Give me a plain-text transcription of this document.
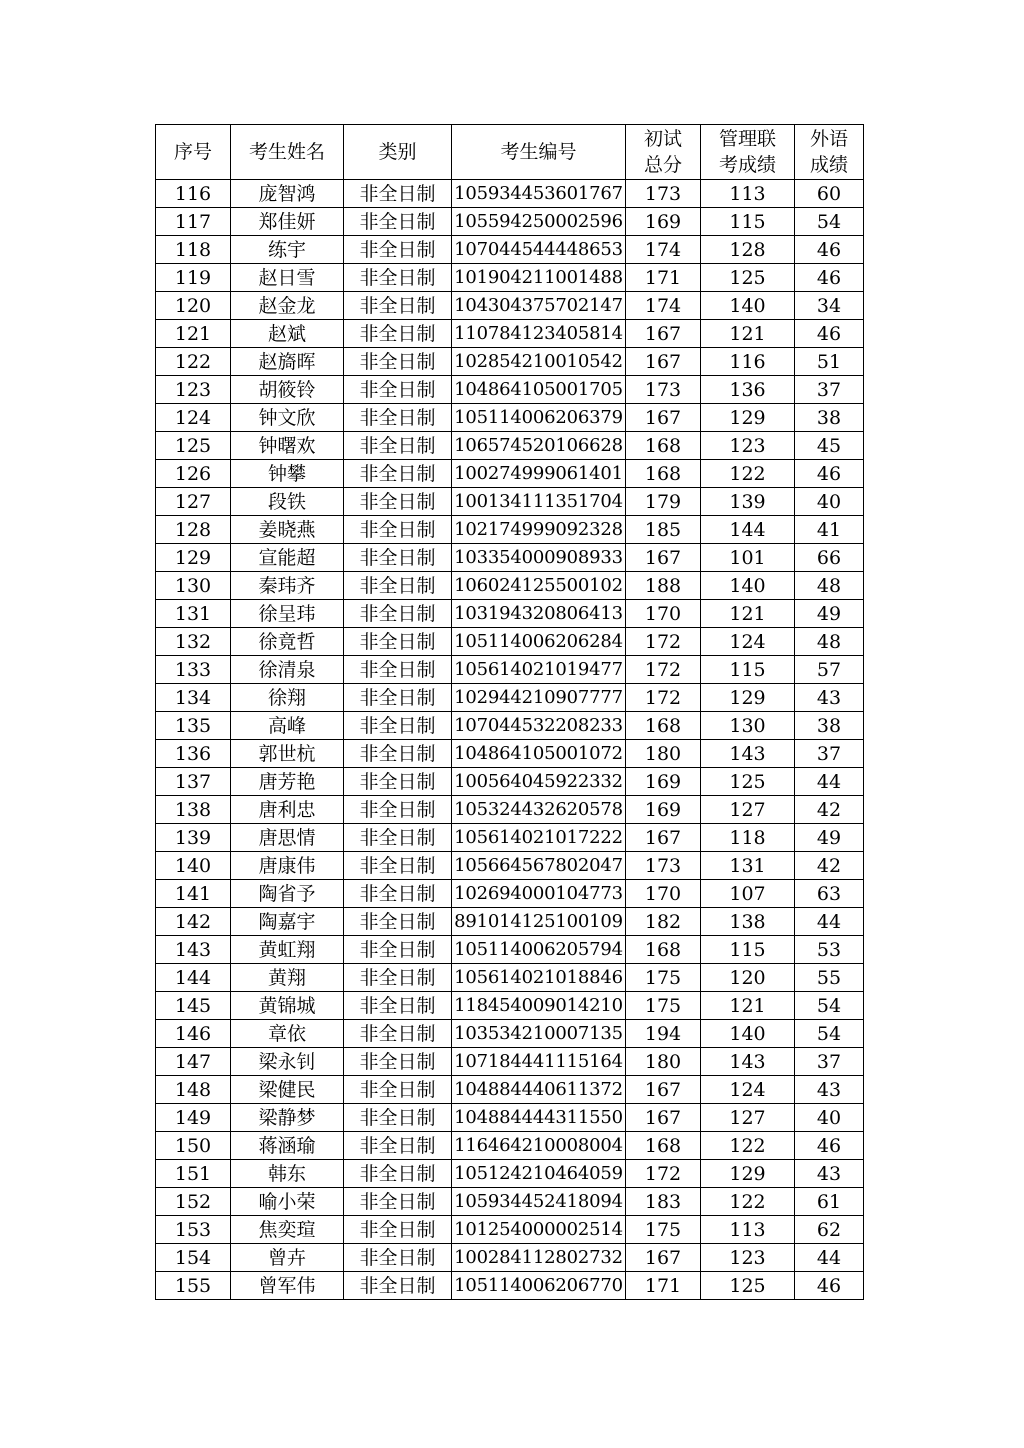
序号	考生姓名	类别	考生编号	初试总分	管理联考成绩	外语成绩
116	庞智鸿	非全日制	105934453601767	173	113	60
117	郑佳妍	非全日制	105594250002596	169	115	54
118	练宇	非全日制	107044544448653	174	128	46
119	赵日雪	非全日制	101904211001488	171	125	46
120	赵金龙	非全日制	104304375702147	174	140	34
121	赵斌	非全日制	110784123405814	167	121	46
122	赵旖晖	非全日制	102854210010542	167	116	51
123	胡筱铃	非全日制	104864105001705	173	136	37
124	钟文欣	非全日制	105114006206379	167	129	38
125	钟曙欢	非全日制	106574520106628	168	123	45
126	钟攀	非全日制	100274999061401	168	122	46
127	段铁	非全日制	100134111351704	179	139	40
128	姜晓燕	非全日制	102174999092328	185	144	41
129	宣能超	非全日制	103354000908933	167	101	66
130	秦玮齐	非全日制	106024125500102	188	140	48
131	徐呈玮	非全日制	103194320806413	170	121	49
132	徐竟哲	非全日制	105114006206284	172	124	48
133	徐清泉	非全日制	105614021019477	172	115	57
134	徐翔	非全日制	102944210907777	172	129	43
135	高峰	非全日制	107044532208233	168	130	38
136	郭世杭	非全日制	104864105001072	180	143	37
137	唐芳艳	非全日制	100564045922332	169	125	44
138	唐利忠	非全日制	105324432620578	169	127	42
139	唐思情	非全日制	105614021017222	167	118	49
140	唐康伟	非全日制	105664567802047	173	131	42
141	陶省予	非全日制	102694000104773	170	107	63
142	陶嘉宇	非全日制	891014125100109	182	138	44
143	黄虹翔	非全日制	105114006205794	168	115	53
144	黄翔	非全日制	105614021018846	175	120	55
145	黄锦城	非全日制	118454009014210	175	121	54
146	章依	非全日制	103534210007135	194	140	54
147	梁永钊	非全日制	107184441115164	180	143	37
148	梁健民	非全日制	104884440611372	167	124	43
149	梁静梦	非全日制	104884444311550	167	127	40
150	蒋涵瑜	非全日制	116464210008004	168	122	46
151	韩东	非全日制	105124210464059	172	129	43
152	喻小荣	非全日制	105934452418094	183	122	61
153	焦奕瑄	非全日制	101254000002514	175	113	62
154	曾卉	非全日制	100284112802732	167	123	44
155	曾军伟	非全日制	105114006206770	171	125	46
